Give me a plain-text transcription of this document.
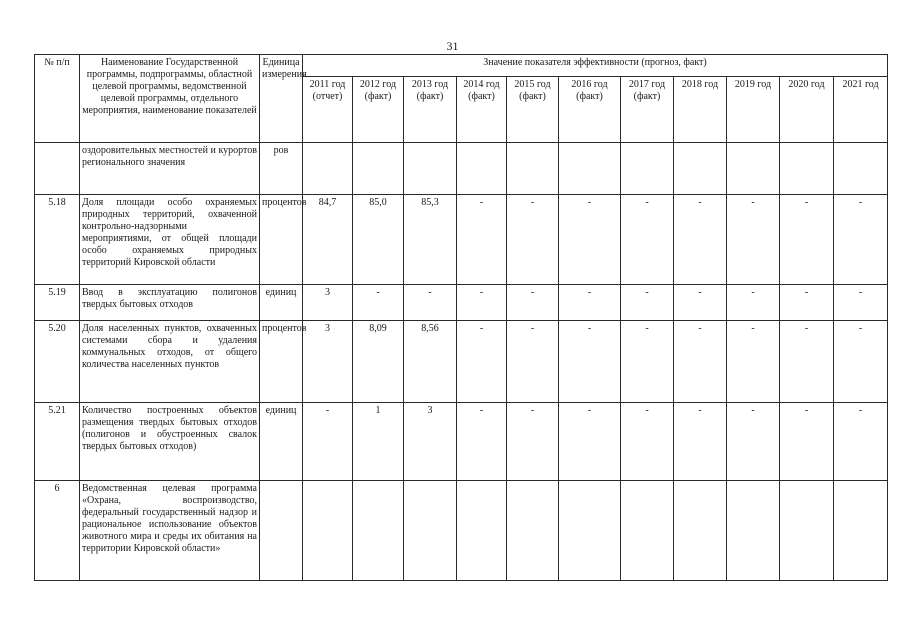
31
№ п/п	Наименование Государственной программы, подпрограммы, областной целевой программы, ведомственной целевой программы, отдельного мероприятия, наименование показателей	Единица измерения	Значение показателя эффективности (прогноз, факт)										
			2011 год (отчет)	2012 год (факт)	2013 год (факт)	2014 год (факт)	2015 год (факт)	2016 год (факт)	2017 год (факт)	2018 год	2019 год	2020 год	2021 год
	оздоровительных местностей и курортов регионального значения	ров											
5.18	Доля площади особо охраняемых природных территорий, охваченной контрольно-надзорными мероприятиями, от общей площади особо охраняемых природных территорий Кировской области	процентов	84,7	85,0	85,3	-	-	-	-	-	-	-	-
5.19	Ввод в эксплуатацию полигонов твердых бытовых отходов	единиц	3	-	-	-	-	-	-	-	-	-	-
5.20	Доля населенных пунктов, охваченных системами сбора и удаления коммунальных отходов, от общего количества населенных пунктов	процентов	3	8,09	8,56	-	-	-	-	-	-	-	-
5.21	Количество построенных объектов размещения твердых бытовых отходов (полигонов и обустроенных свалок твердых бытовых отходов)	единиц	-	1	3	-	-	-	-	-	-	-	-
6	Ведомственная целевая программа «Охрана, воспроизводство, федеральный государственный надзор и рациональное использование объектов животного мира и среды их обитания на территории Кировской области»												
